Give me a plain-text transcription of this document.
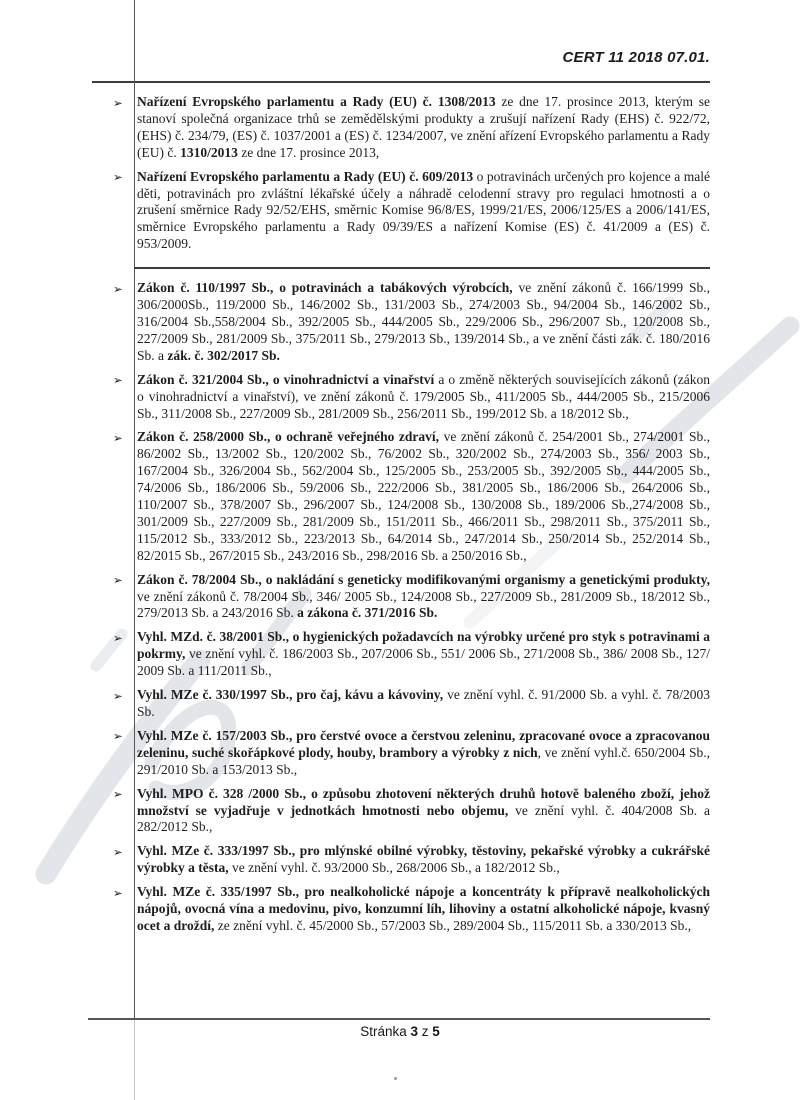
CERT 11 2018 07.01.
➢ Nařízení Evropského parlamentu a Rady (EU) č. 1308/2013 ze dne 17. prosince 2013, kterým se stanoví společná organizace trhů se zemědělskými produkty a zrušují nařízení Rady (EHS) č. 922/72, (EHS) č. 234/79, (ES) č. 1037/2001 a (ES) č. 1234/2007, ve znění ařízení Evropského parlamentu a Rady (EU) č. 1310/2013 ze dne 17. prosince 2013,
➢ Nařízení Evropského parlamentu a Rady (EU) č. 609/2013 o potravinách určených pro kojence a malé děti, potravinách pro zvláštní lékařské účely a náhradě celodenní stravy pro regulaci hmotnosti a o zrušení směrnice Rady 92/52/EHS, směrnic Komise 96/8/ES, 1999/21/ES, 2006/125/ES a 2006/141/ES, směrnice Evropského parlamentu a Rady 09/39/ES a nařízení Komise (ES) č. 41/2009 a (ES) č. 953/2009.
➢ Zákon č. 110/1997 Sb., o potravinách a tabákových výrobcích, ve znění zákonů č. 166/1999 Sb., 306/2000Sb., 119/2000 Sb., 146/2002 Sb., 131/2003 Sb., 274/2003 Sb., 94/2004 Sb., 146/2002 Sb., 316/2004 Sb.,558/2004 Sb., 392/2005 Sb., 444/2005 Sb., 229/2006 Sb., 296/2007 Sb., 120/2008 Sb., 227/2009 Sb., 281/2009 Sb., 375/2011 Sb., 279/2013 Sb., 139/2014 Sb., a ve znění části zák. č. 180/2016 Sb. a zák. č. 302/2017 Sb.
➢ Zákon č. 321/2004 Sb., o vinohradnictví a vinařství a o změně některých souvisejících zákonů (zákon o vinohradnictví a vinařství), ve znění zákonů č. 179/2005 Sb., 411/2005 Sb., 444/2005 Sb., 215/2006 Sb., 311/2008 Sb., 227/2009 Sb., 281/2009 Sb., 256/2011 Sb., 199/2012 Sb. a 18/2012 Sb.,
➢ Zákon č. 258/2000 Sb., o ochraně veřejného zdraví, ve znění zákonů č. 254/2001 Sb., 274/2001 Sb., 86/2002 Sb., 13/2002 Sb., 120/2002 Sb., 76/2002 Sb., 320/2002 Sb., 274/2003 Sb., 356/ 2003 Sb., 167/2004 Sb., 326/2004 Sb., 562/2004 Sb., 125/2005 Sb., 253/2005 Sb., 392/2005 Sb., 444/2005 Sb., 74/2006 Sb., 186/2006 Sb., 59/2006 Sb., 222/2006 Sb., 381/2005 Sb., 186/2006 Sb., 264/2006 Sb., 110/2007 Sb., 378/2007 Sb., 296/2007 Sb., 124/2008 Sb., 130/2008 Sb., 189/2006 Sb.,274/2008 Sb., 301/2009 Sb., 227/2009 Sb., 281/2009 Sb., 151/2011 Sb., 466/2011 Sb., 298/2011 Sb., 375/2011 Sb., 115/2012 Sb., 333/2012 Sb., 223/2013 Sb., 64/2014 Sb., 247/2014 Sb., 250/2014 Sb., 252/2014 Sb., 82/2015 Sb., 267/2015 Sb., 243/2016 Sb., 298/2016 Sb. a 250/2016 Sb.,
➢ Zákon č. 78/2004 Sb., o nakládání s geneticky modifikovanými organismy a genetickými produkty, ve znění zákonů č. 78/2004 Sb., 346/ 2005 Sb., 124/2008 Sb., 227/2009 Sb., 281/2009 Sb., 18/2012 Sb., 279/2013 Sb. a 243/2016 Sb. a zákona č. 371/2016 Sb.
➢ Vyhl. MZd. č. 38/2001 Sb., o hygienických požadavcích na výrobky určené pro styk s potravinami a pokrmy, ve znění vyhl. č. 186/2003 Sb., 207/2006 Sb., 551/ 2006 Sb., 271/2008 Sb., 386/ 2008 Sb., 127/ 2009 Sb. a 111/2011 Sb.,
➢ Vyhl. MZe č. 330/1997 Sb., pro čaj, kávu a kávoviny, ve znění vyhl. č. 91/2000 Sb. a vyhl. č. 78/2003 Sb.
➢ Vyhl. MZe č. 157/2003 Sb., pro čerstvé ovoce a čerstvou zeleninu, zpracované ovoce a zpracovanou zeleninu, suché skořápkové plody, houby, brambory a výrobky z nich, ve znění vyhl.č. 650/2004 Sb., 291/2010 Sb. a 153/2013 Sb.,
➢ Vyhl. MPO č. 328 /2000 Sb., o způsobu zhotovení některých druhů hotově baleného zboží, jehož množství se vyjadřuje v jednotkách hmotnosti nebo objemu, ve znění vyhl. č. 404/2008 Sb. a 282/2012 Sb.,
➢ Vyhl. MZe č. 333/1997 Sb., pro mlýnské obilné výrobky, těstoviny, pekařské výrobky a cukrářské výrobky a těsta, ve znění vyhl. č. 93/2000 Sb., 268/2006 Sb., a 182/2012 Sb.,
➢ Vyhl. MZe č. 335/1997 Sb., pro nealkoholické nápoje a koncentráty k přípravě nealkoholických nápojů, ovocná vína a medovinu, pivo, konzumní líh, lihoviny a ostatní alkoholické nápoje, kvasný ocet a droždí, ze znění vyhl. č. 45/2000 Sb., 57/2003 Sb., 289/2004 Sb., 115/2011 Sb. a 330/2013 Sb.,
Stránka 3 z 5
